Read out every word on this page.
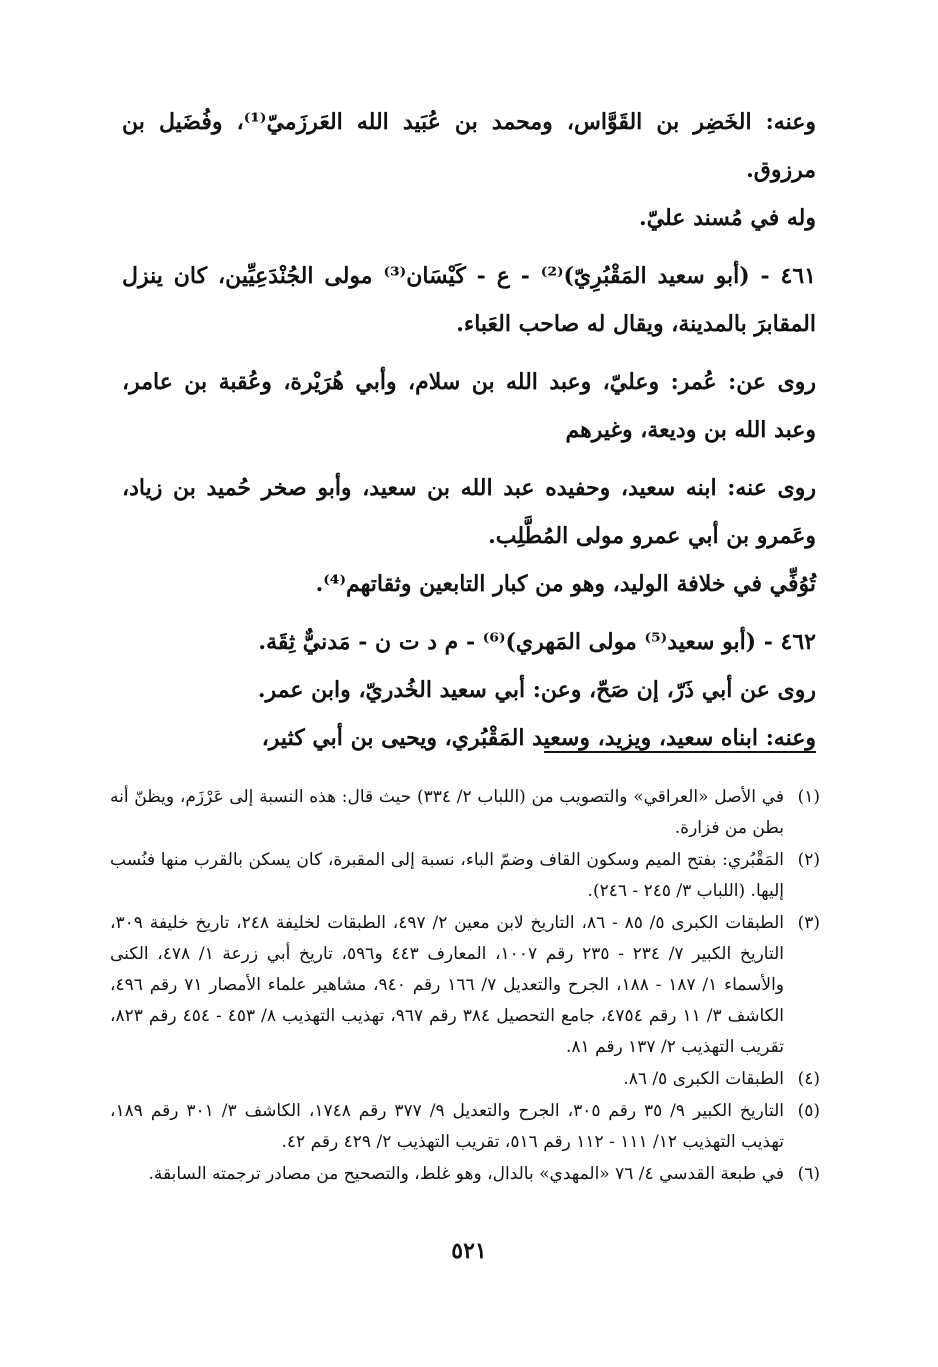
وعنه: الخَضِر بن القَوَّاس، ومحمد بن عُبَيد الله العَرزَميّ⁽¹⁾، وفُضَيل بن مرزوق.

وله في مُسند عليّ.

٤٦١ - (أبو سعيد المَقْبُرِيّ)⁽²⁾ - ع - كَيْسَان⁽³⁾ مولى الجُنْدَعِيِّين، كان ينزل المقابرَ بالمدينة، ويقال له صاحب العَباء.

روى عن: عُمر: وعليّ، وعبد الله بن سلام، وأبي هُرَيْرة، وعُقبة بن عامر، وعبد الله بن وديعة، وغيرهم

روى عنه: ابنه سعيد، وحفيده عبد الله بن سعيد، وأبو صخر حُميد بن زياد، وعَمرو بن أبي عمرو مولى المُطَّلِب.

تُوُفِّي في خلافة الوليد، وهو من كبار التابعين وثقاتهم⁽⁴⁾.

٤٦٢ - (أبو سعيد⁽⁵⁾ مولى المَهري)⁽⁶⁾ - م د ت ن - مَدنيٌّ ثِقَة.

روى عن أبي ذَرّ، إن صَحّ، وعن: أبي سعيد الخُدريّ، وابن عمر.

وعنه: ابناه سعيد، ويزيد، وسعيد المَقْبُري، ويحيى بن أبي كثير،

(١)
في الأصل «العراقي» والتصويب من (اللباب ٢/ ٣٣٤) حيث قال: هذه النسبة إلى عَرْزَم، ويظنّ أنه بطن من فزارة.
(٢)
المَقْبُري: بفتح الميم وسكون القاف وضمّ الباء، نسبة إلى المقبرة، كان يسكن بالقرب منها فنُسب إليها. (اللباب ٣/ ٢٤٥ - ٢٤٦).
(٣)
الطبقات الكبرى ٥/ ٨٥ - ٨٦، التاريخ لابن معين ٢/ ٤٩٧، الطبقات لخليفة ٢٤٨، تاريخ خليفة ٣٠٩، التاريخ الكبير ٧/ ٢٣٤ - ٢٣٥ رقم ١٠٠٧، المعارف ٤٤٣ و٥٩٦، تاريخ أبي زرعة ١/ ٤٧٨، الكنى والأسماء ١/ ١٨٧ - ١٨٨، الجرح والتعديل ٧/ ١٦٦ رقم ٩٤٠، مشاهير علماء الأمصار ٧١ رقم ٤٩٦، الكاشف ٣/ ١١ رقم ٤٧٥٤، جامع التحصيل ٣٨٤ رقم ٩٦٧، تهذيب التهذيب ٨/ ٤٥٣ - ٤٥٤ رقم ٨٢٣، تقريب التهذيب ٢/ ١٣٧ رقم ٨١.
(٤)
الطبقات الكبرى ٥/ ٨٦.
(٥)
التاريخ الكبير ٩/ ٣٥ رقم ٣٠٥، الجرح والتعديل ٩/ ٣٧٧ رقم ١٧٤٨، الكاشف ٣/ ٣٠١ رقم ١٨٩، تهذيب التهذيب ١٢/ ١١١ - ١١٢ رقم ٥١٦، تقريب التهذيب ٢/ ٤٢٩ رقم ٤٢.
(٦)
في طبعة القدسي ٤/ ٧٦ «المهدي» بالدال، وهو غلط، والتصحيح من مصادر ترجمته السابقة.
٥٢١
